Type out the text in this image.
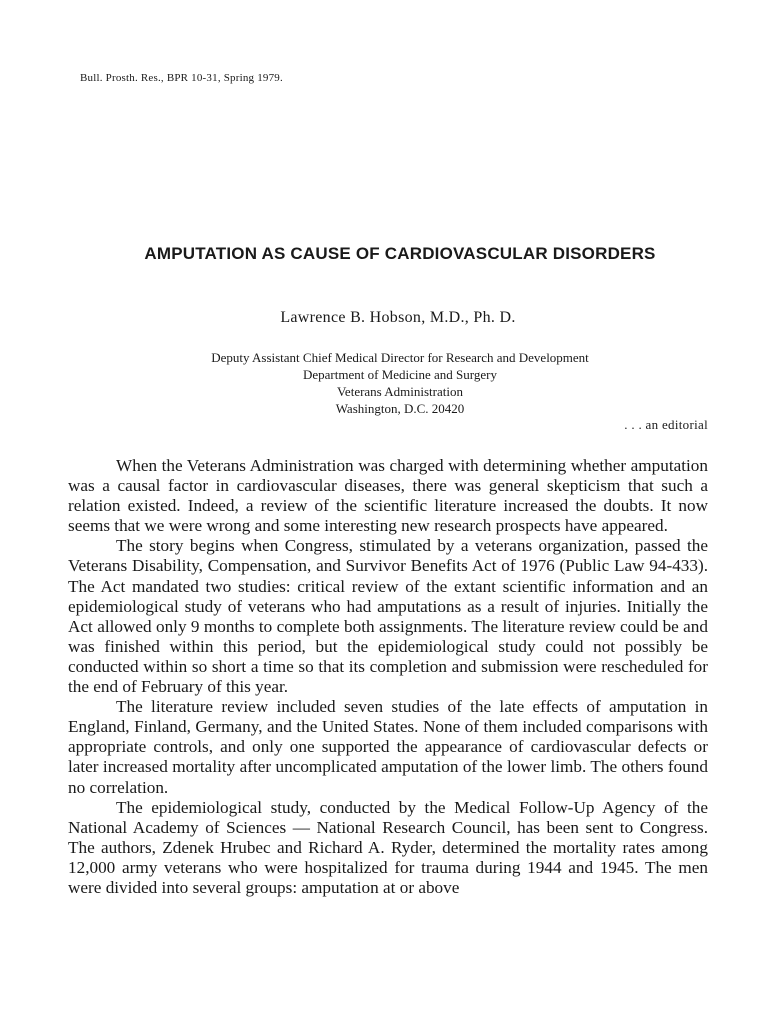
Bull. Prosth. Res., BPR 10-31, Spring 1979.
AMPUTATION AS CAUSE OF CARDIOVASCULAR DISORDERS
Lawrence B. Hobson, M.D., Ph. D.
Deputy Assistant Chief Medical Director for Research and Development
Department of Medicine and Surgery
Veterans Administration
Washington, D.C. 20420
. . . an editorial

When the Veterans Administration was charged with determining whether amputation was a causal factor in cardiovascular diseases, there was general skepticism that such a relation existed. Indeed, a review of the scientific literature increased the doubts. It now seems that we were wrong and some interesting new research prospects have appeared.

The story begins when Congress, stimulated by a veterans organization, passed the Veterans Disability, Compensation, and Survivor Benefits Act of 1976 (Public Law 94-433). The Act mandated two studies: critical review of the extant scientific information and an epidemiological study of veterans who had amputations as a result of injuries. Initially the Act allowed only 9 months to complete both assignments. The literature review could be and was finished within this period, but the epidemiological study could not possibly be conducted within so short a time so that its completion and submission were rescheduled for the end of February of this year.

The literature review included seven studies of the late effects of amputation in England, Finland, Germany, and the United States. None of them included comparisons with appropriate controls, and only one supported the appearance of cardiovascular defects or later increased mortality after uncomplicated amputation of the lower limb. The others found no correlation.

The epidemiological study, conducted by the Medical Follow-Up Agency of the National Academy of Sciences — National Research Council, has been sent to Congress. The authors, Zdenek Hrubec and Richard A. Ryder, determined the mortality rates among 12,000 army veterans who were hospitalized for trauma during 1944 and 1945. The men were divided into several groups: amputation at or above
